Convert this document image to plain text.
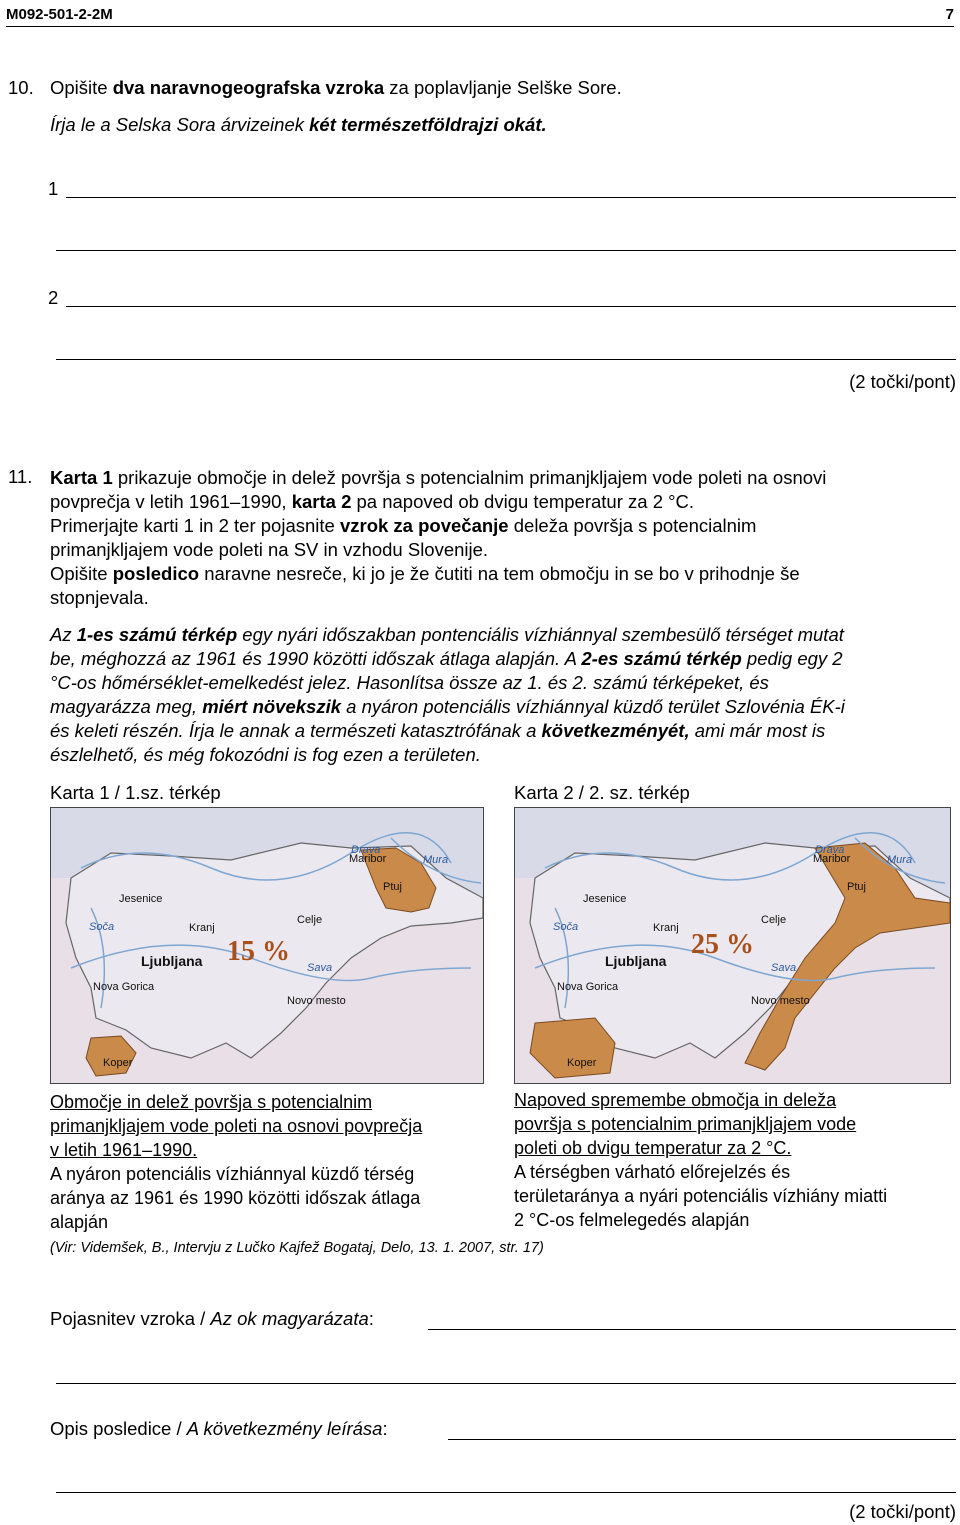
M092-501-2-2M	7
10. Opišite dva naravnogeografska vzroka za poplavljanje Selške Sore.
Írja le a Selska Sora árvizeinek két természetföldrajzi okát.
1
2
(2 točki/pont)
11. Karta 1 prikazuje območje in delež površja s potencialnim primanjkljajem vode poleti na osnovi
povprečja v letih 1961–1990, karta 2 pa napoved ob dvigu temperatur za 2 °C.
Primerjajte karti 1 in 2 ter pojasnite vzrok za povečanje deleža površja s potencialnim
primanjkljajem vode poleti na SV in vzhodu Slovenije.
Opišite posledico naravne nesreče, ki jo je že čutiti na tem območju in se bo v prihodnje še
stopnjevala.
Az 1-es számú térkép egy nyári időszakban pontenciális vízhiánnyal szembesülő térséget mutat
be, méghozzá az 1961 és 1990 közötti időszak átlaga alapján. A 2-es számú térkép pedig egy 2
°C-os hőmérséklet-emelkedést jelez. Hasonlítsa össze az 1. és 2. számú térképeket, és
magyarázza meg, miért növekszik a nyáron potenciális vízhiánnyal küzdő terület Szlovénia ÉK-i
és keleti részén. Írja le annak a természeti katasztrófának a következményét, ami már most is
észlelhető, és még fokozódni is fog ezen a területen.
Karta 1 / 1.sz. térkép	Karta 2 / 2. sz. térkép
Drava
Mura
Maribor
Ptuj
Jesenice
Kranj
Celje
Soča
Ljubljana	Sava
Nova Gorica
Novo mesto
Koper
15 %
Drava
Mura
Maribor
Ptuj
Jesenice
Kranj
Celje
Soča
Ljubljana	Sava
Nova Gorica
Novo mesto
Koper
25 %
Območje in delež površja s potencialnim
primanjkljajem vode poleti na osnovi povprečja
v letih 1961–1990.
A nyáron potenciális vízhiánnyal küzdő térség
aránya az 1961 és 1990 közötti időszak átlaga
alapján
Napoved spremembe območja in deleža
površja s potencialnim primanjkljajem vode
poleti ob dvigu temperatur za 2 °C.
A térségben várható előrejelzés és
területaránya a nyári potenciális vízhiány miatti
2 °C-os felmelegedés alapján
(Vir: Videmšek, B., Intervju z Lučko Kajfež Bogataj, Delo, 13. 1. 2007, str. 17)
Pojasnitev vzroka / Az ok magyarázata:
Opis posledice / A következmény leírása:
(2 točki/pont)
